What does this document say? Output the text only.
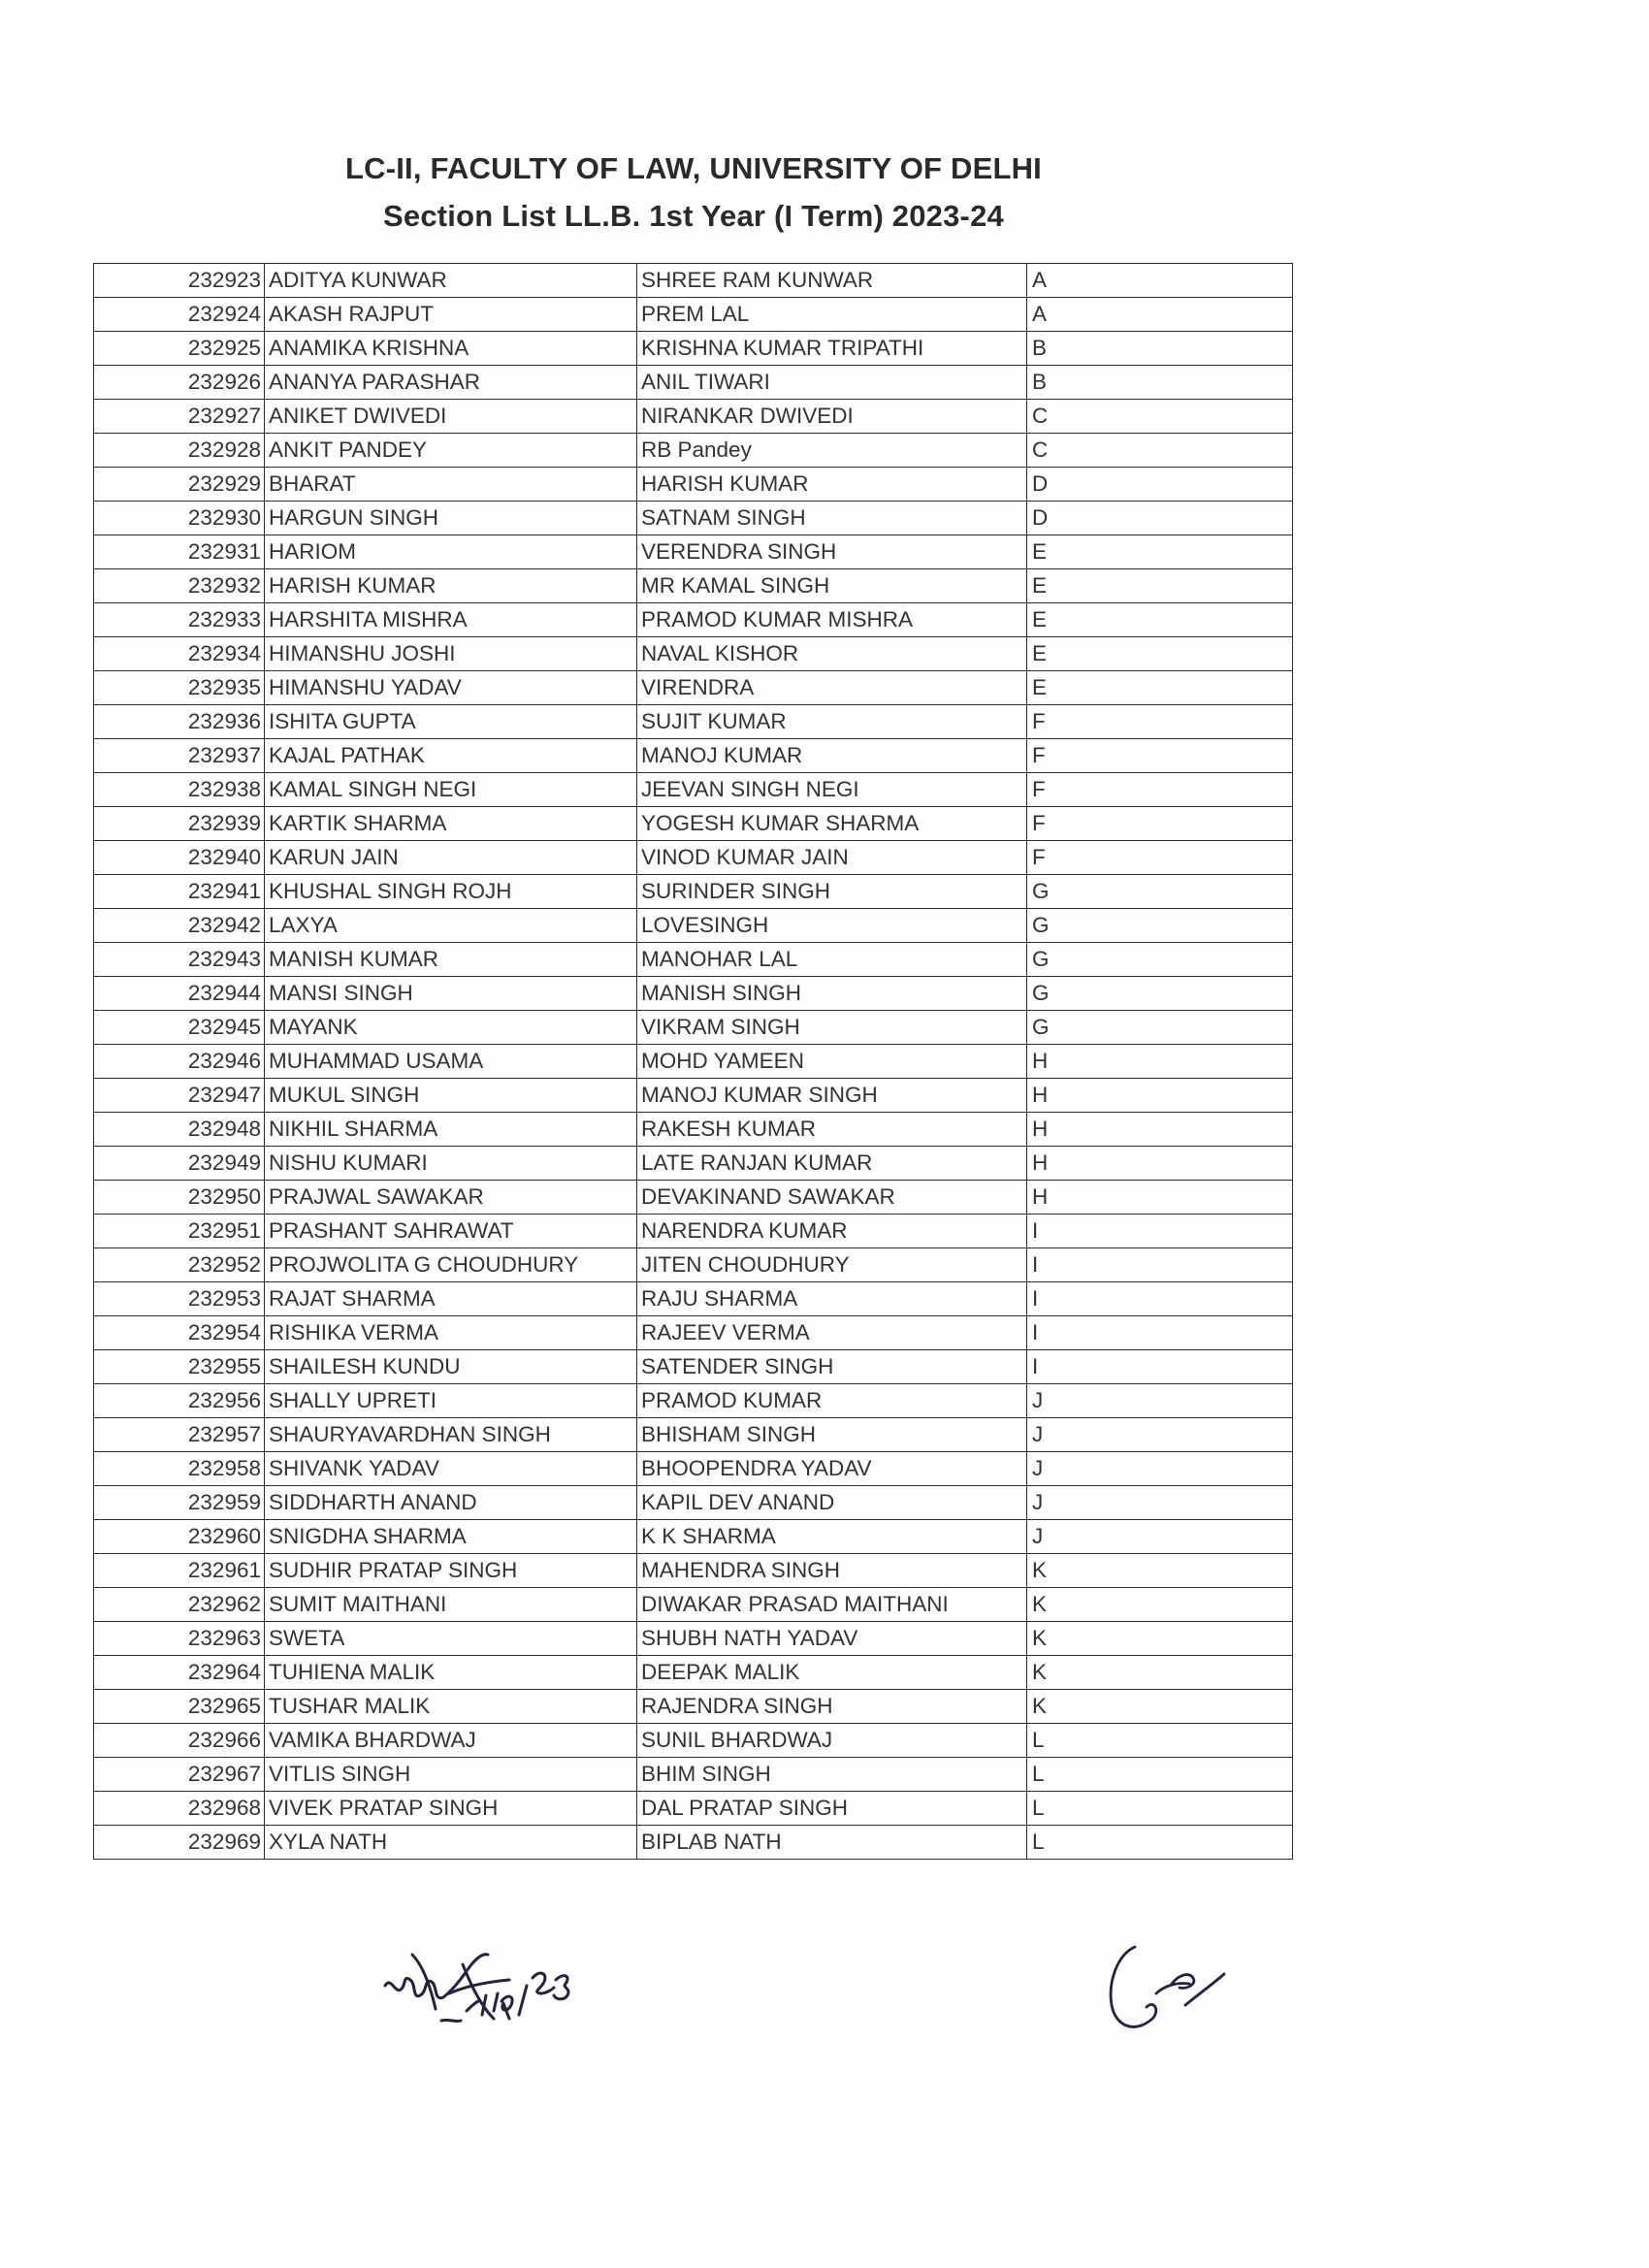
LC-II, FACULTY OF LAW, UNIVERSITY OF DELHI
Section List LL.B. 1st Year (I Term) 2023-24
232923	ADITYA KUNWAR	SHREE RAM KUNWAR	A
232924	AKASH RAJPUT	PREM LAL	A
232925	ANAMIKA KRISHNA	KRISHNA KUMAR TRIPATHI	B
232926	ANANYA PARASHAR	ANIL TIWARI	B
232927	ANIKET DWIVEDI	NIRANKAR DWIVEDI	C
232928	ANKIT PANDEY	RB Pandey	C
232929	BHARAT	HARISH KUMAR	D
232930	HARGUN SINGH	SATNAM SINGH	D
232931	HARIOM	VERENDRA SINGH	E
232932	HARISH KUMAR	MR KAMAL SINGH	E
232933	HARSHITA MISHRA	PRAMOD KUMAR MISHRA	E
232934	HIMANSHU JOSHI	NAVAL KISHOR	E
232935	HIMANSHU YADAV	VIRENDRA	E
232936	ISHITA GUPTA	SUJIT KUMAR	F
232937	KAJAL PATHAK	MANOJ KUMAR	F
232938	KAMAL SINGH NEGI	JEEVAN SINGH NEGI	F
232939	KARTIK SHARMA	YOGESH KUMAR SHARMA	F
232940	KARUN JAIN	VINOD KUMAR JAIN	F
232941	KHUSHAL SINGH ROJH	SURINDER SINGH	G
232942	LAXYA	LOVESINGH	G
232943	MANISH KUMAR	MANOHAR LAL	G
232944	MANSI SINGH	MANISH SINGH	G
232945	MAYANK	VIKRAM SINGH	G
232946	MUHAMMAD USAMA	MOHD YAMEEN	H
232947	MUKUL SINGH	MANOJ KUMAR SINGH	H
232948	NIKHIL SHARMA	RAKESH KUMAR	H
232949	NISHU KUMARI	LATE RANJAN KUMAR	H
232950	PRAJWAL SAWAKAR	DEVAKINAND SAWAKAR	H
232951	PRASHANT SAHRAWAT	NARENDRA KUMAR	I
232952	PROJWOLITA G CHOUDHURY	JITEN CHOUDHURY	I
232953	RAJAT SHARMA	RAJU SHARMA	I
232954	RISHIKA VERMA	RAJEEV VERMA	I
232955	SHAILESH KUNDU	SATENDER SINGH	I
232956	SHALLY UPRETI	PRAMOD KUMAR	J
232957	SHAURYAVARDHAN SINGH	BHISHAM SINGH	J
232958	SHIVANK YADAV	BHOOPENDRA YADAV	J
232959	SIDDHARTH ANAND	KAPIL DEV ANAND	J
232960	SNIGDHA SHARMA	K K SHARMA	J
232961	SUDHIR PRATAP SINGH	MAHENDRA SINGH	K
232962	SUMIT MAITHANI	DIWAKAR PRASAD MAITHANI	K
232963	SWETA	SHUBH NATH YADAV	K
232964	TUHIENA MALIK	DEEPAK MALIK	K
232965	TUSHAR MALIK	RAJENDRA SINGH	K
232966	VAMIKA BHARDWAJ	SUNIL BHARDWAJ	L
232967	VITLIS SINGH	BHIM SINGH	L
232968	VIVEK PRATAP SINGH	DAL PRATAP SINGH	L
232969	XYLA NATH	BIPLAB NATH	L
